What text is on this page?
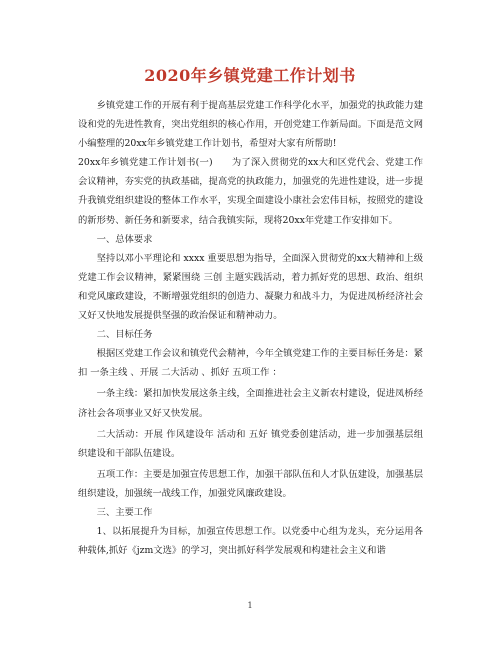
2020年乡镇党建工作计划书

乡镇党建工作的开展有利于提高基层党建工作科学化水平，加强党的执政能力建设和党的先进性教育，突出党组织的核心作用，开创党建工作新局面。下面是范文网小编整理的20xx年乡镇党建工作计划书，希望对大家有所帮助!

20xx年乡镇党建工作计划书(一)　　为了深入贯彻党的xx大和区党代会、党建工作会议精神，夯实党的执政基础，提高党的执政能力，加强党的先进性建设，进一步提升我镇党组织建设的整体工作水平，实现全面建设小康社会宏伟目标，按照党的建设的新形势、新任务和新要求，结合我镇实际，现将20xx年党建工作安排如下。

一、总体要求

坚持以邓小平理论和 xxxx 重要思想为指导，全面深入贯彻党的xx大精神和上级党建工作会议精神，紧紧围绕 三创 主题实践活动，着力抓好党的思想、政治、组织和党风廉政建设，不断增强党组织的创造力、凝聚力和战斗力，为促进凤桥经济社会又好又快地发展提供坚强的政治保证和精神动力。

二、目标任务

根据区党建工作会议和镇党代会精神，今年全镇党建工作的主要目标任务是：紧扣 一条主线 、开展 二大活动 、抓好 五项工作 ：

一条主线：紧扣加快发展这条主线，全面推进社会主义新农村建设，促进凤桥经济社会各项事业又好又快发展。

二大活动：开展 作风建设年 活动和 五好 镇党委创建活动，进一步加强基层组织建设和干部队伍建设。

五项工作：主要是加强宣传思想工作，加强干部队伍和人才队伍建设，加强基层组织建设，加强统一战线工作，加强党风廉政建设。

三、主要工作

1、以拓展提升为目标，加强宣传思想工作。以党委中心组为龙头，充分运用各种载体,抓好《jzm文选》的学习，突出抓好科学发展观和构建社会主义和谐

1
